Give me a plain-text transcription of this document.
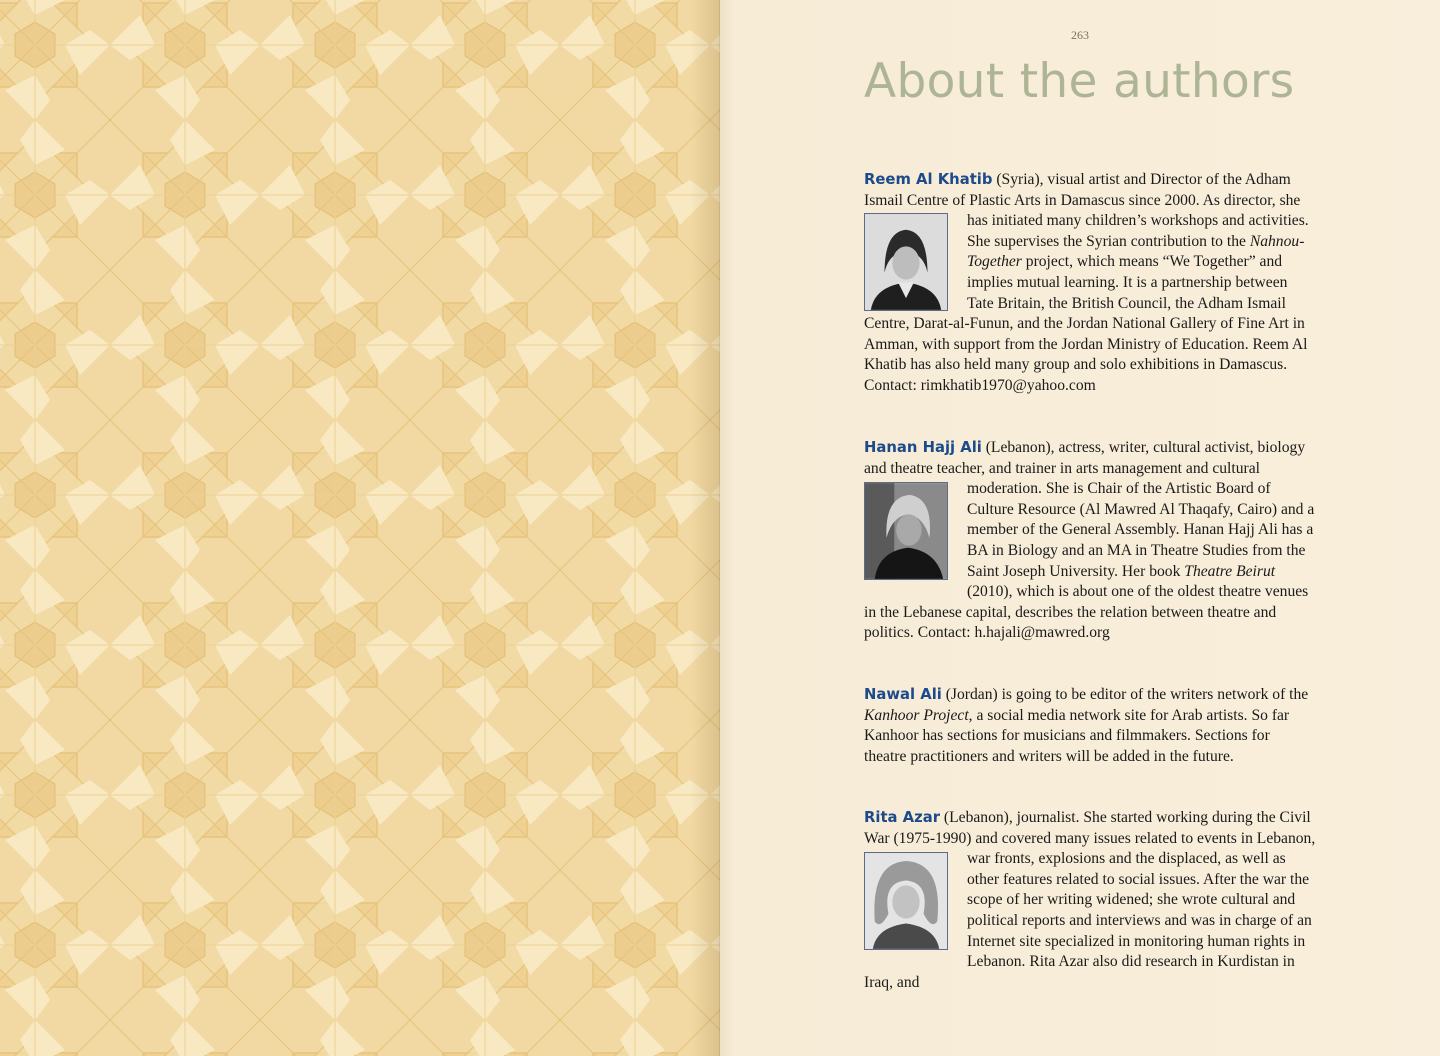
263
About the authors

Reem Al Khatib (Syria), visual artist and Director of the Adham Ismail Centre of Plastic Arts in Damascus since 2000. As director, she
has initiated many children’s workshops and activities. She supervises the Syrian contribution to the Nahnou-Together project, which means “We Together” and implies mutual learning. It is a partnership between Tate Britain, the British Council, the Adham Ismail Centre, Darat-al-Funun, and the Jordan National Gallery of Fine Art in Amman, with support from the Jordan Ministry of Education. Reem Al Khatib has also held many group and solo exhibitions in Damascus. Contact: rimkhatib1970@yahoo.com

Hanan Hajj Ali (Lebanon), actress, writer, cultural activist, biology and theatre teacher, and trainer in arts management and cultural
moderation. She is Chair of the Artistic Board of Culture Resource (Al Mawred Al Thaqafy, Cairo) and a member of the General Assembly. Hanan Hajj Ali has a BA in Biology and an MA in Theatre Studies from the Saint Joseph University. Her book Theatre Beirut (2010), which is about one of the oldest theatre venues in the Lebanese capital, describes the relation between theatre and politics. Contact: h.hajali@mawred.org

Nawal Ali (Jordan) is going to be editor of the writers network of the Kanhoor Project, a social media network site for Arab artists. So far Kanhoor has sections for musicians and filmmakers. Sections for theatre practitioners and writers will be added in the future.

Rita Azar (Lebanon), journalist. She started working during the Civil War (1975-1990) and covered many issues related to events in Lebanon,
war fronts, explosions and the displaced, as well as other features related to social issues. After the war the scope of her writing widened; she wrote cultural and political reports and interviews and was in charge of an Internet site specialized in monitoring human rights in Lebanon. Rita Azar also did research in Kurdistan in Iraq, and
